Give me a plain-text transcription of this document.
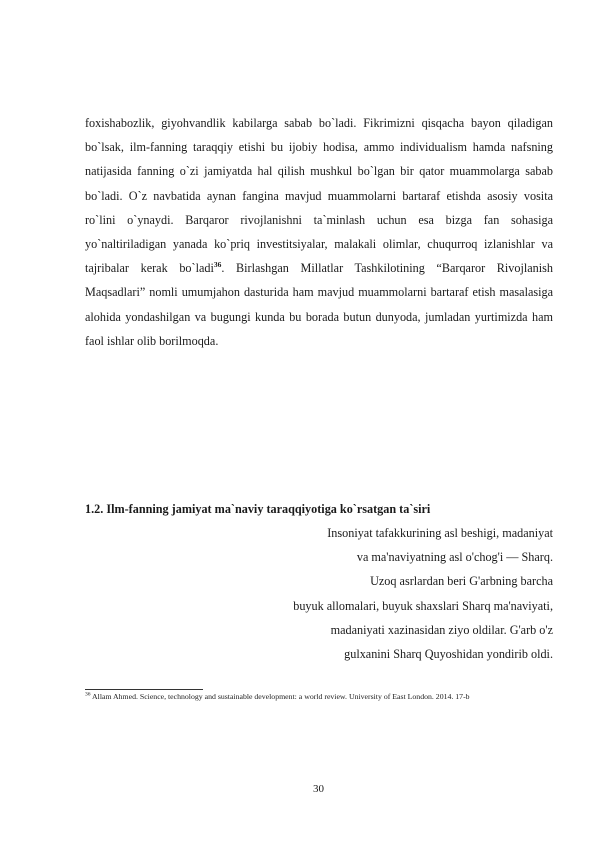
foxishabozlik, giyohvandlik kabilarga sabab bo`ladi. Fikrimizni qisqacha bayon qiladigan bo`lsak, ilm-fanning taraqqiy etishi bu ijobiy hodisa, ammo individualism hamda nafsning natijasida fanning o`zi jamiyatda hal qilish mushkul bo`lgan bir qator muammolarga sabab bo`ladi. O`z navbatida aynan fangina mavjud muammolarni bartaraf etishda asosiy vosita ro`lini o`ynaydi. Barqaror rivojlanishni ta`minlash uchun esa bizga fan sohasiga yo`naltiriladigan yanada ko`priq investitsiyalar, malakali olimlar, chuqurroq izlanishlar va tajribalar kerak bo`ladi$^{36}$. Birlashgan Millatlar Tashkilotining “Barqaror Rivojlanish Maqsadlari” nomli umumjahon dasturida ham mavjud muammolarni bartaraf etish masalasiga alohida yondashilgan va bugungi kunda bu borada butun dunyoda, jumladan yurtimizda ham faol ishlar olib borilmoqda.

1.2. Ilm-fanning jamiyat ma`naviy taraqqiyotiga ko`rsatgan ta`siri
Insoniyat tafakkurining asl beshigi, madaniyat
va ma'naviyatning asl o'chog'i — Sharq.
Uzoq asrlardan beri G'arbning barcha
buyuk allomalari, buyuk shaxslari Sharq ma'naviyati,
madaniyati xazinasidan ziyo oldilar. G'arb o'z
gulxanini Sharq Quyoshidan yondirib oldi.
$^{36}$ Allam Ahmed. Science, technology and sustainable development: a world review. University of East London. 2014. 17-b
30
